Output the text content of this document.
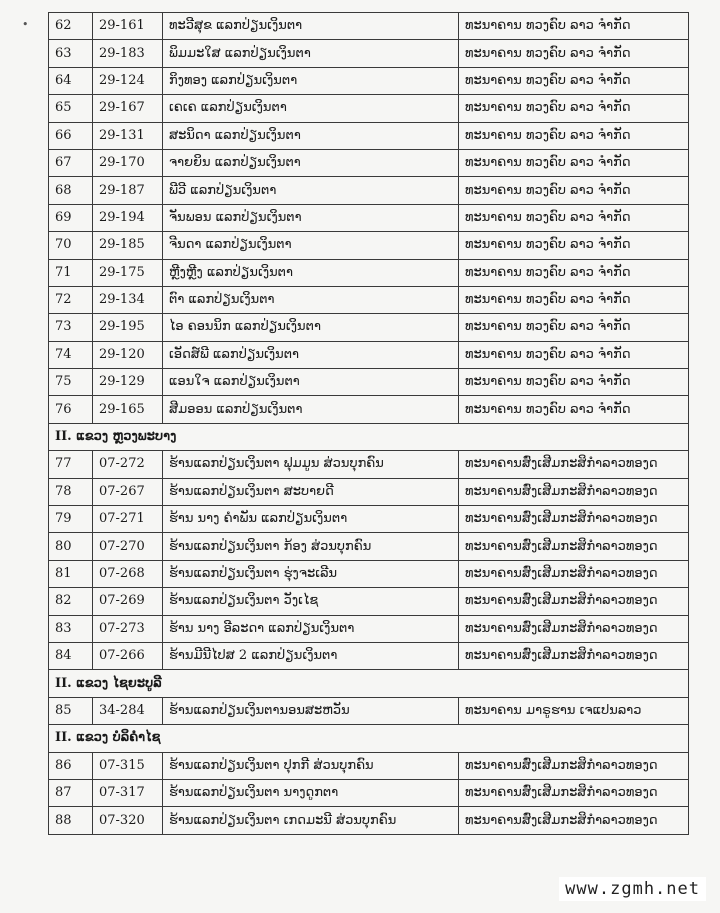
• 62	29-161	ທະວີສຸຂ ແລກປ່ຽນເງິນຕາ	ທະນາຄານ ທວງຄົບ ລາວ ຈຳກັດ
63	29-183	ພິມມະໃສ ແລກປ່ຽນເງິນຕາ	ທະນາຄານ ທວງຄົບ ລາວ ຈຳກັດ
64	29-124	ກິງທອງ ແລກປ່ຽນເງິນຕາ	ທະນາຄານ ທວງຄົບ ລາວ ຈຳກັດ
65	29-167	ເຄເຄ ແລກປ່ຽນເງິນຕາ	ທະນາຄານ ທວງຄົບ ລາວ ຈຳກັດ
66	29-131	ສະນິດາ ແລກປ່ຽນເງິນຕາ	ທະນາຄານ ທວງຄົບ ລາວ ຈຳກັດ
67	29-170	ຈາຍຍິນ ແລກປ່ຽນເງິນຕາ	ທະນາຄານ ທວງຄົບ ລາວ ຈຳກັດ
68	29-187	ພີວີ ແລກປ່ຽນເງິນຕາ	ທະນາຄານ ທວງຄົບ ລາວ ຈຳກັດ
69	29-194	ຈັນພອນ ແລກປ່ຽນເງິນຕາ	ທະນາຄານ ທວງຄົບ ລາວ ຈຳກັດ
70	29-185	ຈີນດາ ແລກປ່ຽນເງິນຕາ	ທະນາຄານ ທວງຄົບ ລາວ ຈຳກັດ
71	29-175	ຫຼີງຫຼີງ ແລກປ່ຽນເງິນຕາ	ທະນາຄານ ທວງຄົບ ລາວ ຈຳກັດ
72	29-134	ຕົາ ແລກປ່ຽນເງິນຕາ	ທະນາຄານ ທວງຄົບ ລາວ ຈຳກັດ
73	29-195	ໄອ ຄອນນິກ ແລກປ່ຽນເງິນຕາ	ທະນາຄານ ທວງຄົບ ລາວ ຈຳກັດ
74	29-120	ເອັດສ໌ພີ ແລກປ່ຽນເງິນຕາ	ທະນາຄານ ທວງຄົບ ລາວ ຈຳກັດ
75	29-129	ແອນໃຈ ແລກປ່ຽນເງິນຕາ	ທະນາຄານ ທວງຄົບ ລາວ ຈຳກັດ
76	29-165	ສີມອອນ ແລກປ່ຽນເງິນຕາ	ທະນາຄານ ທວງຄົບ ລາວ ຈຳກັດ
II. ແຂວງ ຫຼວງພະບາງ			
77	07-272	ຮ້ານແລກປ່ຽນເງິນຕາ ຟຸມມູນ ສ່ວນບຸກຄົນ	ທະນາຄານສົ່ງເສີມກະສິກຳລາວທອງດ
78	07-267	ຮ້ານແລກປ່ຽນເງິນຕາ ສະບາຍດີ	ທະນາຄານສົ່ງເສີມກະສິກຳລາວທອງດ
79	07-271	ຮ້ານ ນາງ ຄຳພັນ ແລກປ່ຽນເງິນຕາ	ທະນາຄານສົ່ງເສີມກະສິກຳລາວທອງດ
80	07-270	ຮ້ານແລກປ່ຽນເງິນຕາ ກ້ອງ ສ່ວນບຸກຄົນ	ທະນາຄານສົ່ງເສີມກະສິກຳລາວທອງດ
81	07-268	ຮ້ານແລກປ່ຽນເງິນຕາ ຮຸ່ງຈະເລີນ	ທະນາຄານສົ່ງເສີມກະສິກຳລາວທອງດ
82	07-269	ຮ້ານແລກປ່ຽນເງິນຕາ ວັງເໄຊ	ທະນາຄານສົ່ງເສີມກະສິກຳລາວທອງດ
83	07-273	ຮ້ານ ນາງ ອີລະດາ ແລກປ່ຽນເງິນຕາ	ທະນາຄານສົ່ງເສີມກະສິກຳລາວທອງດ
84	07-266	ຮ້ານມີນີໄປສ 2 ແລກປ່ຽນເງິນຕາ	ທະນາຄານສົ່ງເສີມກະສິກຳລາວທອງດ
II. ແຂວງ ໄຊຍະບູລີ			
85	34-284	ຮ້ານແລກປ່ຽນເງິນຕານອນສະຫວັນ	ທະນາຄານ ມາຣູຮານ ເຈແປນລາວ
II. ແຂວງ ບໍລິຄຳໄຊ			
86	07-315	ຮ້ານແລກປ່ຽນເງິນຕາ ປຸກກີ ສ່ວນບຸກຄົນ	ທະນາຄານສົ່ງເສີມກະສິກຳລາວທອງດ
87	07-317	ຮ້ານແລກປ່ຽນເງິນຕາ ນາງດູກຕາ	ທະນາຄານສົ່ງເສີມກະສິກຳລາວທອງດ
88	07-320	ຮ້ານແລກປ່ຽນເງິນຕາ ເກດມະນີ ສ່ວນບຸກຄົນ	ທະນາຄານສົ່ງເສີມກະສິກຳລາວທອງດ
www.zgmh.net
